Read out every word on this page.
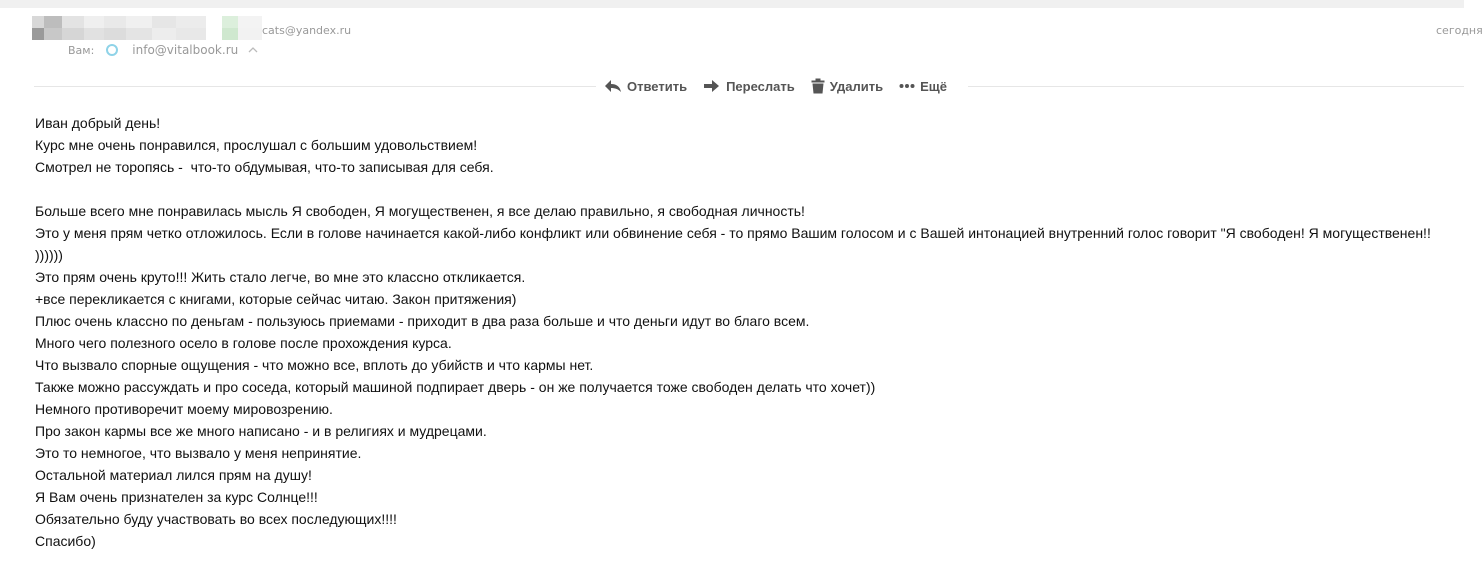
cats@yandex.ru	сегодня
Вам:	info@vitalbook.ru
Ответить	Переслать	Удалить	Ещё
Иван добрый день!
Курс мне очень понравился, прослушал с большим удовольствием!
Смотрел не торопясь -  что-то обдумывая, что-то записывая для себя.
Больше всего мне понравилась мысль Я свободен, Я могущественен, я все делаю правильно, я свободная личность!
Это у меня прям четко отложилось. Если в голове начинается какой-либо конфликт или обвинение себя - то прямо Вашим голосом и с Вашей интонацией внутренний голос говорит "Я свободен! Я могущественен!! ))))))
Это прям очень круто!!! Жить стало легче, во мне это классно откликается.
+все перекликается с книгами, которые сейчас читаю. Закон притяжения)
Плюс очень классно по деньгам - пользуюсь приемами - приходит в два раза больше и что деньги идут во благо всем.
Много чего полезного осело в голове после прохождения курса.
Что вызвало спорные ощущения - что можно все, вплоть до убийств и что кармы нет.
Также можно рассуждать и про соседа, который машиной подпирает дверь - он же получается тоже свободен делать что хочет))
Немного противоречит моему мировозрению.
Про закон кармы все же много написано - и в религиях и мудрецами.
Это то немногое, что вызвало у меня непринятие.
Остальной материал лился прям на душу!
Я Вам очень признателен за курс Солнце!!!
Обязательно буду участвовать во всех последующих!!!!
Спасибо)
